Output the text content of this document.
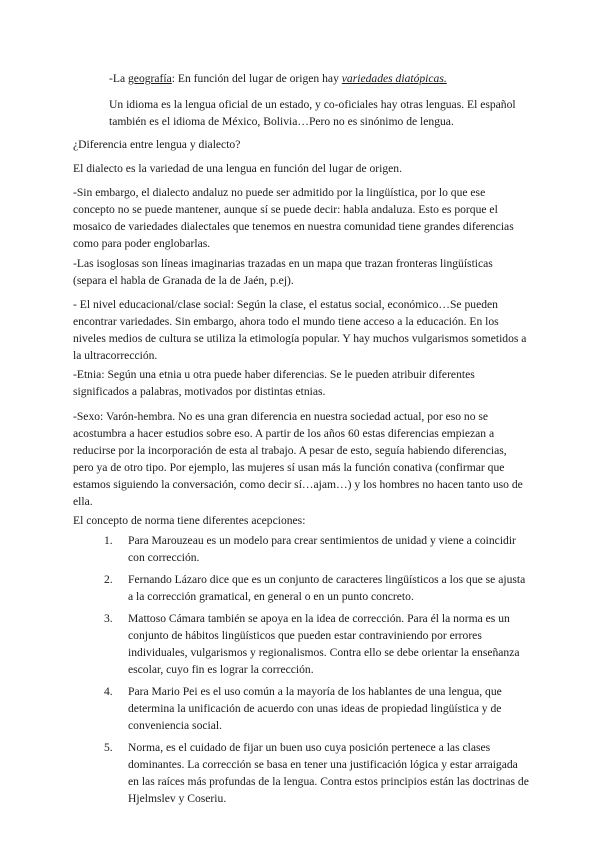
-La geografía: En función del lugar de origen hay variedades diatópicas.

Un idioma es la lengua oficial de un estado, y co-oficiales hay otras lenguas. El español también es el idioma de México, Bolivia…Pero no es sinónimo de lengua.

¿Diferencia entre lengua y dialecto?

El dialecto es la variedad de una lengua en función del lugar de origen.

-Sin embargo, el dialecto andaluz no puede ser admitido por la lingüística, por lo que ese concepto no se puede mantener, aunque sí se puede decir: habla andaluza. Esto es porque el mosaico de variedades dialectales que tenemos en nuestra comunidad tiene grandes diferencias como para poder englobarlas.

-Las isoglosas son líneas imaginarias trazadas en un mapa que trazan fronteras lingüísticas (separa el habla de Granada de la de Jaén, p.ej).

- El nivel educacional/clase social: Según la clase, el estatus social, económico…Se pueden encontrar variedades. Sin embargo, ahora todo el mundo tiene acceso a la educación. En los niveles medios de cultura se utiliza la etimología popular. Y hay muchos vulgarismos sometidos a la ultracorrección.

-Etnia: Según una etnia u otra puede haber diferencias. Se le pueden atribuir diferentes significados a palabras, motivados por distintas etnias.

-Sexo: Varón-hembra. No es una gran diferencia en nuestra sociedad actual, por eso no se acostumbra a hacer estudios sobre eso. A partir de los años 60 estas diferencias empiezan a reducirse por la incorporación de esta al trabajo. A pesar de esto, seguía habiendo diferencias, pero ya de otro tipo. Por ejemplo, las mujeres sí usan más la función conativa (confirmar que estamos siguiendo la conversación, como decir sí…ajam…) y los hombres no hacen tanto uso de ella.

El concepto de norma tiene diferentes acepciones:

1. Para Marouzeau es un modelo para crear sentimientos de unidad y viene a coincidir con corrección.
2. Fernando Lázaro dice que es un conjunto de caracteres lingüísticos a los que se ajusta a la corrección gramatical, en general o en un punto concreto.
3. Mattoso Cámara también se apoya en la idea de corrección. Para él la norma es un conjunto de hábitos lingüísticos que pueden estar contraviniendo por errores individuales, vulgarismos y regionalismos. Contra ello se debe orientar la enseñanza escolar, cuyo fin es lograr la corrección.
4. Para Mario Pei es el uso común a la mayoría de los hablantes de una lengua, que determina la unificación de acuerdo con unas ideas de propiedad lingüística y de conveniencia social.
5. Norma, es el cuidado de fijar un buen uso cuya posición pertenece a las clases dominantes. La corrección se basa en tener una justificación lógica y estar arraigada en las raíces más profundas de la lengua. Contra estos principios están las doctrinas de Hjelmslev y Coseriu.
